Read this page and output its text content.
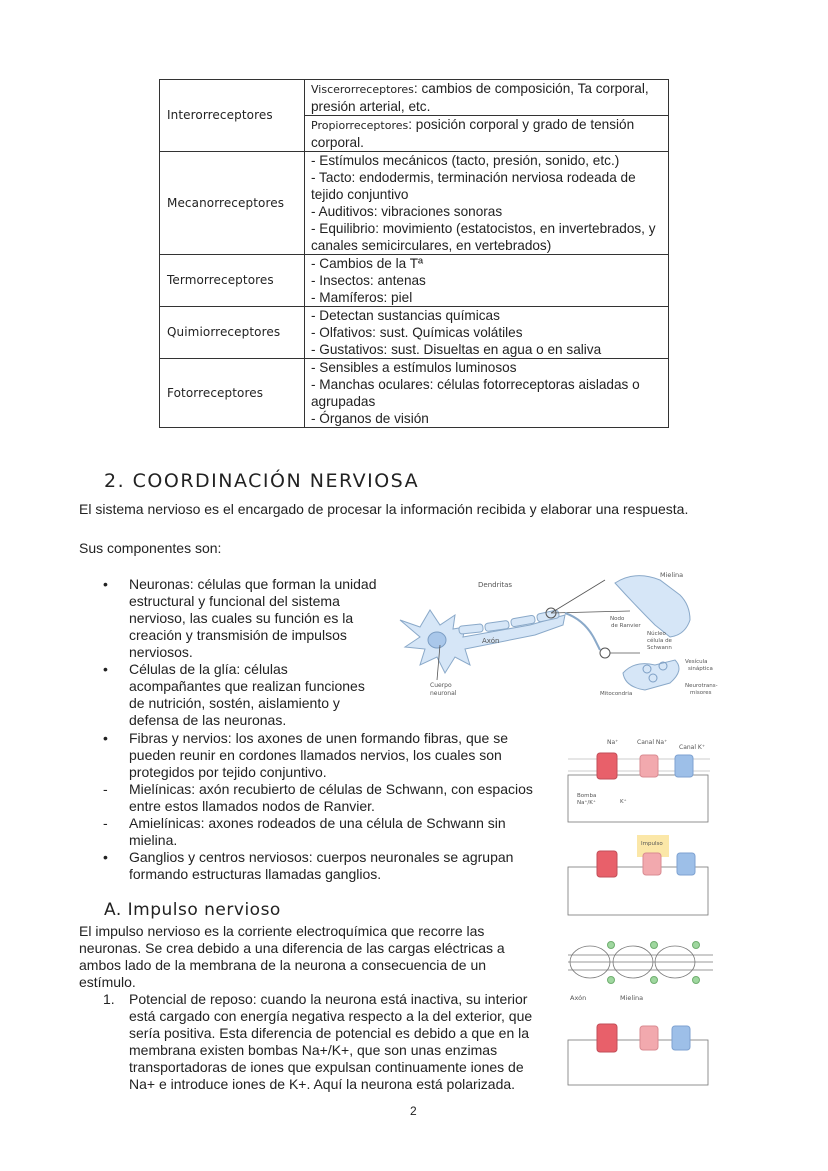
Interorreceptores	Viscerorreceptores: cambios de composición, Ta corporal, presión arterial, etc.
	Propiorreceptores: posición corporal y grado de tensión corporal.
Mecanorreceptores	- Estímulos mecánicos (tacto, presión, sonido, etc.)
- Tacto: endodermis, terminación nerviosa rodeada de tejido conjuntivo
- Auditivos: vibraciones sonoras
- Equilibrio: movimiento (estatocistos, en invertebrados, y canales semicirculares, en vertebrados)

Termorreceptores	- Cambios de la Tª
- Insectos: antenas
- Mamíferos: piel

Quimiorreceptores	- Detectan sustancias químicas
- Olfativos: sust. Químicas volátiles
- Gustativos: sust. Disueltas en agua o en saliva

Fotorreceptores	- Sensibles a estímulos luminosos
- Manchas oculares: células fotorreceptoras aisladas o agrupadas
- Órganos de visión
2. COORDINACIÓN NERVIOSA

El sistema nervioso es el encargado de procesar la información recibida y elaborar una respuesta.

Sus componentes son:

• Neuronas: células que forman la unidad estructural y funcional del sistema nervioso, las cuales su función es la creación y transmisión de impulsos nerviosos.
• Células de la glía: células acompañantes que realizan funciones de nutrición, sostén, aislamiento y defensa de las neuronas.
• Fibras y nervios: los axones de unen formando fibras, que se pueden reunir en cordones llamados nervios, los cuales son protegidos por tejido conjuntivo.
- Mielínicas: axón recubierto de células de Schwann, con espacios entre estos llamados nodos de Ranvier.
- Amielínicas: axones rodeados de una célula de Schwann sin mielina.
• Ganglios y centros nerviosos: cuerpos neuronales se agrupan formando estructuras llamadas ganglios.
A. Impulso nervioso

El impulso nervioso es la corriente electroquímica que recorre las neuronas. Se crea debido a una diferencia de las cargas eléctricas a ambos lado de la membrana de la neurona a consecuencia de un estímulo.

1. Potencial de reposo: cuando la neurona está inactiva, su interior está cargado con energía negativa respecto a la del exterior, que sería positiva. Esta diferencia de potencial es debido a que en la membrana existen bombas Na+/K+, que son unas enzimas transportadoras de iones que expulsan continuamente iones de Na+ e introduce iones de K+. Aquí la neurona está polarizada.
Dendritas
Axón
Cuerpo
neuronal
Mielina
Nodo
de Ranvier
Núcleo
célula de
Schwann
Vesícula
sináptica
Neurotrans-
misores
Mitocondria
Na⁺	Canal Na⁺
Canal K⁺
Bomba
Na⁺/K⁺	K⁺
Impulso
Axón	Mielina
2
